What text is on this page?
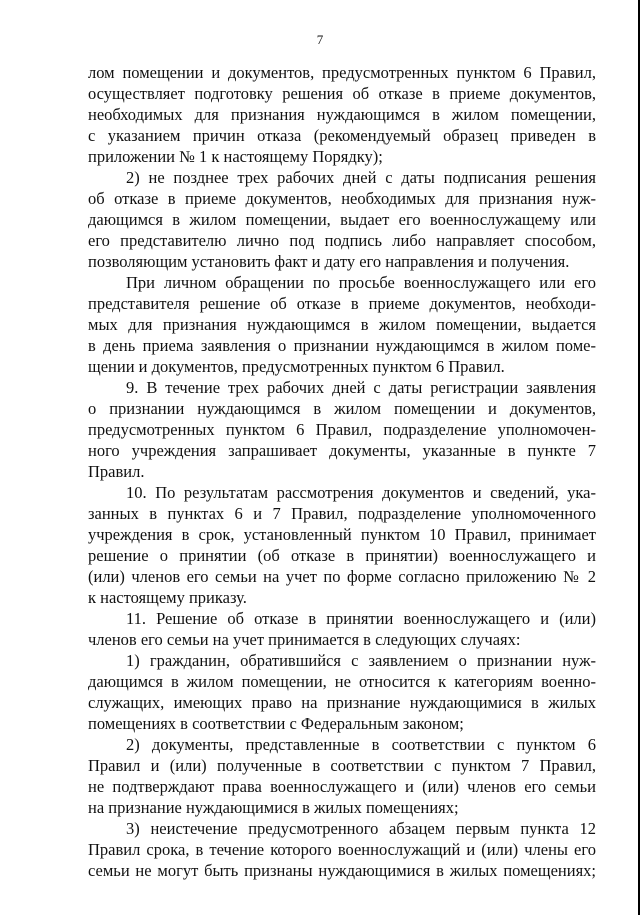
7
лом помещении и документов, предусмотренных пунктом 6 Правил,
осуществляет подготовку решения об отказе в приеме документов,
необходимых для признания нуждающимся в жилом помещении,
с указанием причин отказа (рекомендуемый образец приведен в
приложении № 1 к настоящему Порядку);
2) не позднее трех рабочих дней с даты подписания решения
об отказе в приеме документов, необходимых для признания нуж-
дающимся в жилом помещении, выдает его военнослужащему или
его представителю лично под подпись либо направляет способом,
позволяющим установить факт и дату его направления и получения.
При личном обращении по просьбе военнослужащего или его
представителя решение об отказе в приеме документов, необходи-
мых для признания нуждающимся в жилом помещении, выдается
в день приема заявления о признании нуждающимся в жилом поме-
щении и документов, предусмотренных пунктом 6 Правил.
9. В течение трех рабочих дней с даты регистрации заявления
о признании нуждающимся в жилом помещении и документов,
предусмотренных пунктом 6 Правил, подразделение уполномочен-
ного учреждения запрашивает документы, указанные в пункте 7
Правил.
10. По результатам рассмотрения документов и сведений, ука-
занных в пунктах 6 и 7 Правил, подразделение уполномоченного
учреждения в срок, установленный пунктом 10 Правил, принимает
решение о принятии (об отказе в принятии) военнослужащего и
(или) членов его семьи на учет по форме согласно приложению № 2
к настоящему приказу.
11. Решение об отказе в принятии военнослужащего и (или)
членов его семьи на учет принимается в следующих случаях:
1) гражданин, обратившийся с заявлением о признании нуж-
дающимся в жилом помещении, не относится к категориям военно-
служащих, имеющих право на признание нуждающимися в жилых
помещениях в соответствии с Федеральным законом;
2) документы, представленные в соответствии с пунктом 6
Правил и (или) полученные в соответствии с пунктом 7 Правил,
не подтверждают права военнослужащего и (или) членов его семьи
на признание нуждающимися в жилых помещениях;
3) неистечение предусмотренного абзацем первым пункта 12
Правил срока, в течение которого военнослужащий и (или) члены его
семьи не могут быть признаны нуждающимися в жилых помещениях;
